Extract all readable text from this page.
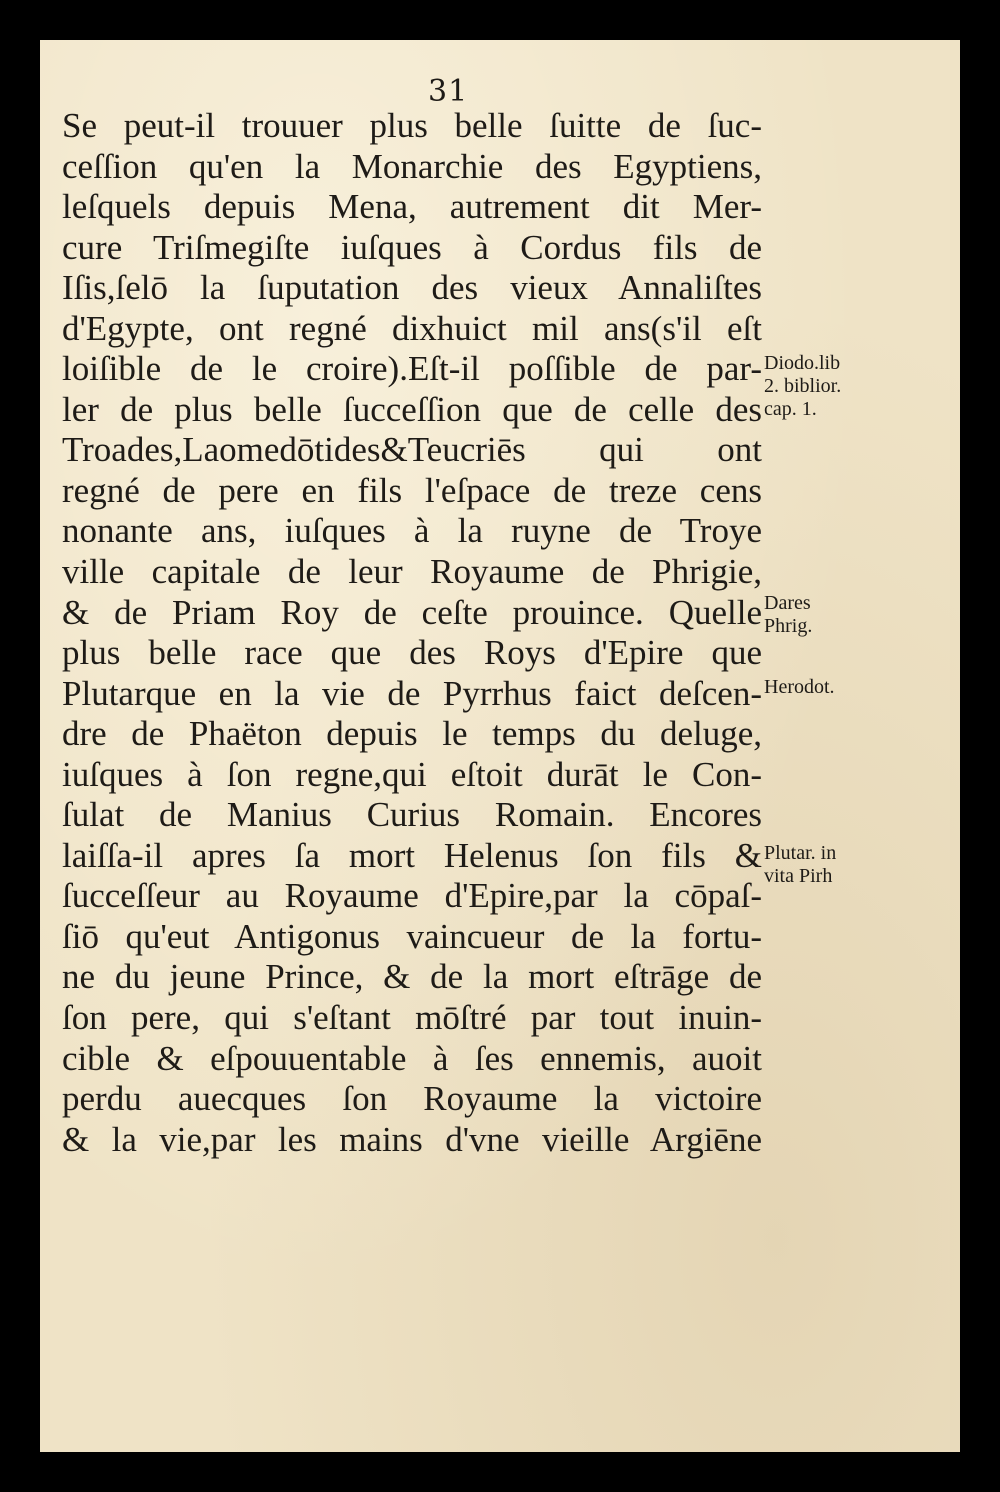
31
Se peut-il trouuer plus belle ſuitte de ſuc-
ceſſion qu'en la Monarchie des Egyptiens,
leſquels depuis Mena, autrement dit Mer-
cure Triſmegiſte iuſques à Cordus fils de
Iſis,ſelō la ſuputation des vieux Annaliſtes
d'Egypte, ont regné dixhuict mil ans(s'il eſt
loiſible de le croire).Eſt-il poſſible de par-
ler de plus belle ſucceſſion que de celle des
Troades,Laomedōtides&Teucriēs qui ont
regné de pere en fils l'eſpace de treze cens
nonante ans, iuſques à la ruyne de Troye
ville capitale de leur Royaume de Phrigie,
& de Priam Roy de ceſte prouince. Quelle
plus belle race que des Roys d'Epire que
Plutarque en la vie de Pyrrhus faict deſcen-
dre de Phaëton depuis le temps du deluge,
iuſques à ſon regne,qui eſtoit durāt le Con-
ſulat de Manius Curius Romain. Encores
laiſſa-il apres ſa mort Helenus ſon fils &
ſucceſſeur au Royaume d'Epire,par la cōpaſ-
ſiō qu'eut Antigonus vaincueur de la fortu-
ne du jeune Prince, & de la mort eſtrāge de
ſon pere, qui s'eſtant mōſtré par tout inuin-
cible & eſpouuentable à ſes ennemis, auoit
perdu auecques ſon Royaume la victoire
& la vie,par les mains d'vne vieille Argiēne
Diodo.lib
2. biblior.
cap. 1.
Dares
Phrig.
Herodot.
Plutar. in
vita Pirh
